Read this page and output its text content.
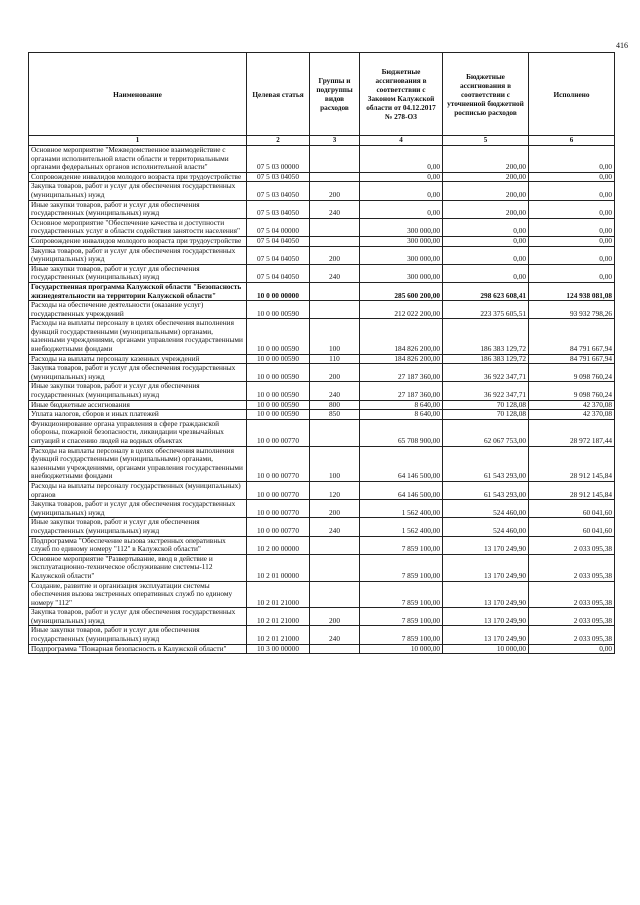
416
Наименование	Целевая статья	Группы и подгруппы видов расходов	Бюджетные ассигнования в соответствии с Законом Калужской области от 04.12.2017 № 278-ОЗ	Бюджетные ассигнования в соответствии с уточненной бюджетной росписью расходов	Исполнено
1	2	3	4	5	6
Основное мероприятие "Межведомственное взаимодействие с органами исполнительной власти области и территориальными органами федеральных органов исполнительной власти"	07 5 03 00000		0,00	200,00	0,00
Сопровождение инвалидов молодого возраста при трудоустройстве	07 5 03 04050		0,00	200,00	0,00
Закупка товаров, работ и услуг для обеспечения государственных (муниципальных) нужд	07 5 03 04050	200	0,00	200,00	0,00
Иные закупки товаров, работ и услуг для обеспечения государственных (муниципальных) нужд	07 5 03 04050	240	0,00	200,00	0,00
Основное мероприятие "Обеспечение качества и доступности государственных услуг в области содействия занятости населения"	07 5 04 00000		300 000,00	0,00	0,00
Сопровождение инвалидов молодого возраста при трудоустройстве	07 5 04 04050		300 000,00	0,00	0,00
Закупка товаров, работ и услуг для обеспечения государственных (муниципальных) нужд	07 5 04 04050	200	300 000,00	0,00	0,00
Иные закупки товаров, работ и услуг для обеспечения государственных (муниципальных) нужд	07 5 04 04050	240	300 000,00	0,00	0,00
Государственная программа Калужской области "Безопасность жизнедеятельности на территории Калужской области"	10 0 00 00000		285 600 200,00	298 623 608,41	124 938 081,08
Расходы на обеспечение деятельности (оказание услуг) государственных учреждений	10 0 00 00590		212 022 200,00	223 375 605,51	93 932 798,26
Расходы на выплаты персоналу в целях обеспечения выполнения функций государственными (муниципальными) органами, казенными учреждениями, органами управления государственными внебюджетными фондами	10 0 00 00590	100	184 826 200,00	186 383 129,72	84 791 667,94
Расходы на выплаты персоналу казенных учреждений	10 0 00 00590	110	184 826 200,00	186 383 129,72	84 791 667,94
Закупка товаров, работ и услуг для обеспечения государственных (муниципальных) нужд	10 0 00 00590	200	27 187 360,00	36 922 347,71	9 098 760,24
Иные закупки товаров, работ и услуг для обеспечения государственных (муниципальных) нужд	10 0 00 00590	240	27 187 360,00	36 922 347,71	9 098 760,24
Иные бюджетные ассигнования	10 0 00 00590	800	8 640,00	70 128,08	42 370,08
Уплата налогов, сборов и иных платежей	10 0 00 00590	850	8 640,00	70 128,08	42 370,08
Функционирование органа управления в сфере гражданской обороны, пожарной безопасности, ликвидации чрезвычайных ситуаций и спасению людей на водных объектах	10 0 00 00770		65 708 900,00	62 067 753,00	28 972 187,44
Расходы на выплаты персоналу в целях обеспечения выполнения функций государственными (муниципальными) органами, казенными учреждениями, органами управления государственными внебюджетными фондами	10 0 00 00770	100	64 146 500,00	61 543 293,00	28 912 145,84
Расходы на выплаты персоналу государственных (муниципальных) органов	10 0 00 00770	120	64 146 500,00	61 543 293,00	28 912 145,84
Закупка товаров, работ и услуг для обеспечения государственных (муниципальных) нужд	10 0 00 00770	200	1 562 400,00	524 460,00	60 041,60
Иные закупки товаров, работ и услуг для обеспечения государственных (муниципальных) нужд	10 0 00 00770	240	1 562 400,00	524 460,00	60 041,60
Подпрограмма "Обеспечение вызова экстренных оперативных служб по единому номеру "112" в Калужской области"	10 2 00 00000		7 859 100,00	13 170 249,90	2 033 095,38
Основное мероприятие "Развертывание, ввод в действие и эксплуатационно-техническое обслуживание системы-112 Калужской области"	10 2 01 00000		7 859 100,00	13 170 249,90	2 033 095,38
Создание, развитие и организация эксплуатации системы обеспечения вызова экстренных оперативных служб по единому номеру "112"	10 2 01 21000		7 859 100,00	13 170 249,90	2 033 095,38
Закупка товаров, работ и услуг для обеспечения государственных (муниципальных) нужд	10 2 01 21000	200	7 859 100,00	13 170 249,90	2 033 095,38
Иные закупки товаров, работ и услуг для обеспечения государственных (муниципальных) нужд	10 2 01 21000	240	7 859 100,00	13 170 249,90	2 033 095,38
Подпрограмма "Пожарная безопасность в Калужской области"	10 3 00 00000		10 000,00	10 000,00	0,00
